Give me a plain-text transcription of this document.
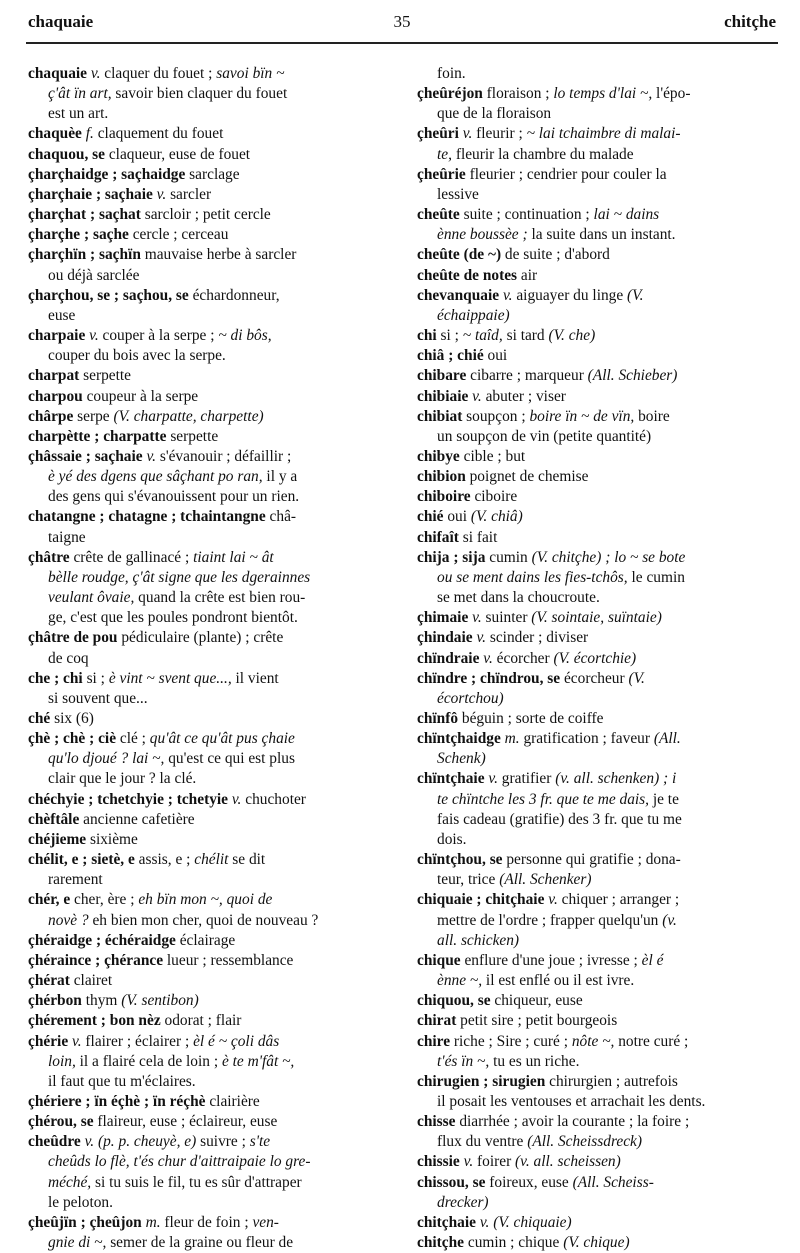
chaquaie	35	chitçhe
chaquaie v. claquer du fouet ; savoi bïn ~
ç'ât ïn art, savoir bien claquer du fouet
est un art.
chaquèe f. claquement du fouet
chaquou, se claqueur, euse de fouet
çharçhaidge ; saçhaidge sarclage
çharçhaie ; saçhaie v. sarcler
çharçhat ; saçhat sarcloir ; petit cercle
çharçhe ; saçhe cercle ; cerceau
çharçhïn ; saçhïn mauvaise herbe à sarcler
ou déjà sarclée
çharçhou, se ; saçhou, se échardonneur,
euse
charpaie v. couper à la serpe ; ~ di bôs,
couper du bois avec la serpe.
charpat serpette
charpou coupeur à la serpe
chârpe serpe (V. charpatte, charpette)
charpètte ; charpatte serpette
çhâssaie ; saçhaie v. s'évanouir ; défaillir ;
è yé des dgens que sâçhant po ran, il y a
des gens qui s'évanouissent pour un rien.
chatangne ; chatagne ; tchaintangne châ-
taigne
çhâtre crête de gallinacé ; tiaint lai ~ ât
bèlle roudge, ç'ât signe que les dgerainnes
veulant ôvaie, quand la crête est bien rou-
ge, c'est que les poules pondront bientôt.
çhâtre de pou pédiculaire (plante) ; crête
de coq
che ; chi si ; è vint ~ svent que..., il vient
si souvent que...
ché six (6)
çhè ; chè ; ciè clé ; qu'ât ce qu'ât pus çhaie
qu'lo djoué ? lai ~, qu'est ce qui est plus
clair que le jour ? la clé.
chéchyie ; tchetchyie ; tchetyie v. chuchoter
chèftâle ancienne cafetière
chéjieme sixième
chélit, e ; sietè, e assis, e ; chélit se dit
rarement
chér, e cher, ère ; eh bïn mon ~, quoi de
novè ? eh bien mon cher, quoi de nouveau ?
çhéraidge ; échéraidge éclairage
çhéraince ; çhérance lueur ; ressemblance
çhérat clairet
çhérbon thym (V. sentibon)
çhérement ; bon nèz odorat ; flair
çhérie v. flairer ; éclairer ; èl é ~ çoli dâs
loin, il a flairé cela de loin ; è te m'fât ~,
il faut que tu m'éclaires.
çhériere ; ïn éçhè ; ïn réçhè clairière
çhérou, se flaireur, euse ; éclaireur, euse
cheûdre v. (p. p. cheuyè, e) suivre ; s'te
cheûds lo flè, t'és chur d'aittraipaie lo gre-
méché, si tu suis le fil, tu es sûr d'attraper
le peloton.
çheûjïn ; çheûjon m. fleur de foin ; ven-
gnie di ~, semer de la graine ou fleur de
foin.
çheûréjon floraison ; lo temps d'lai ~, l'épo-
que de la floraison
çheûri v. fleurir ; ~ lai tchaimbre di malai-
te, fleurir la chambre du malade
çheûrie fleurier ; cendrier pour couler la
lessive
cheûte suite ; continuation ; lai ~ dains
ènne boussèe ; la suite dans un instant.
cheûte (de ~) de suite ; d'abord
cheûte de notes air
chevanquaie v. aiguayer du linge (V.
échaippaie)
chi si ; ~ taîd, si tard (V. che)
chiâ ; chié oui
chibare cibarre ; marqueur (All. Schieber)
chibiaie v. abuter ; viser
chibiat soupçon ; boire ïn ~ de vïn, boire
un soupçon de vin (petite quantité)
chibye cible ; but
chibion poignet de chemise
chiboire ciboire
chié oui (V. chiâ)
chifaît si fait
chija ; sija cumin (V. chitçhe) ; lo ~ se bote
ou se ment dains les fies-tchôs, le cumin
se met dans la choucroute.
çhimaie v. suinter (V. sointaie, suïntaie)
çhindaie v. scinder ; diviser
chïndraie v. écorcher (V. écortchie)
chïndre ; chïndrou, se écorcheur (V.
écortchou)
chïnfô béguin ; sorte de coiffe
chïntçhaidge m. gratification ; faveur (All.
Schenk)
chïntçhaie v. gratifier (v. all. schenken) ; i
te chïntche les 3 fr. que te me dais, je te
fais cadeau (gratifie) des 3 fr. que tu me
dois.
chïntçhou, se personne qui gratifie ; dona-
teur, trice (All. Schenker)
chiquaie ; chitçhaie v. chiquer ; arranger ;
mettre de l'ordre ; frapper quelqu'un (v.
all. schicken)
chique enflure d'une joue ; ivresse ; èl é
ènne ~, il est enflé ou il est ivre.
chiquou, se chiqueur, euse
chirat petit sire ; petit bourgeois
chire riche ; Sire ; curé ; nôte ~, notre curé ;
t'és ïn ~, tu es un riche.
chirugien ; sirugien chirurgien ; autrefois
il posait les ventouses et arrachait les dents.
chisse diarrhée ; avoir la courante ; la foire ;
flux du ventre (All. Scheissdreck)
chissie v. foirer (v. all. scheissen)
chissou, se foireux, euse (All. Scheiss-
drecker)
chitçhaie v. (V. chiquaie)
chitçhe cumin ; chique (V. chique)
